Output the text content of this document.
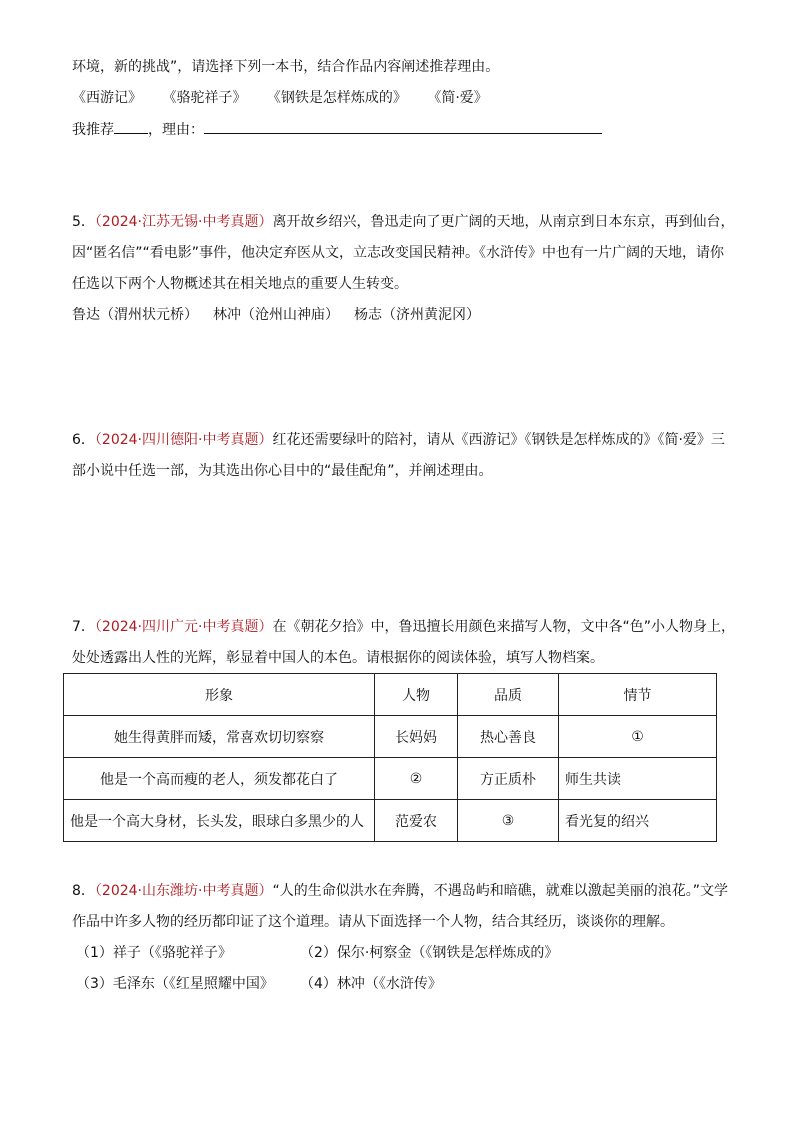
环境，新的挑战”，请选择下列一本书，结合作品内容阐述推荐理由。
《西游记》 《骆驼祥子》 《钢铁是怎样炼成的》 《简·爱》
我推荐 ，理由：
5．（2024·江苏无锡·中考真题）离开故乡绍兴，鲁迅走向了更广阔的天地，从南京到日本东京，再到仙台，
因“匿名信”“看电影”事件，他决定弃医从文，立志改变国民精神。《水浒传》中也有一片广阔的天地，请你
任选以下两个人物概述其在相关地点的重要人生转变。
鲁达（渭州状元桥） 林冲（沧州山神庙） 杨志（济州黄泥冈）
6．（2024·四川德阳·中考真题）红花还需要绿叶的陪衬，请从《西游记》《钢铁是怎样炼成的》《简·爱》三
部小说中任选一部，为其选出你心目中的“最佳配角”，并阐述理由。
7．（2024·四川广元·中考真题）在《朝花夕拾》中，鲁迅擅长用颜色来描写人物，文中各“色”小人物身上，
处处透露出人性的光辉，彰显着中国人的本色。请根据你的阅读体验，填写人物档案。
形象	人物	品质	情节
她生得黄胖而矮，常喜欢切切察察	长妈妈	热心善良	①
他是一个高而瘦的老人，须发都花白了	②	方正质朴	师生共读
他是一个高大身材，长头发，眼球白多黑少的人	范爱农	③	看光复的绍兴
8．（2024·山东潍坊·中考真题）“人的生命似洪水在奔腾，不遇岛屿和暗礁，就难以激起美丽的浪花。”文学
作品中许多人物的经历都印证了这个道理。请从下面选择一个人物，结合其经历，谈谈你的理解。
（1）祥子（《骆驼祥子》	（2）保尔·柯察金（《钢铁是怎样炼成的》
（3）毛泽东（《红星照耀中国》 （4）林冲（《水浒传》
